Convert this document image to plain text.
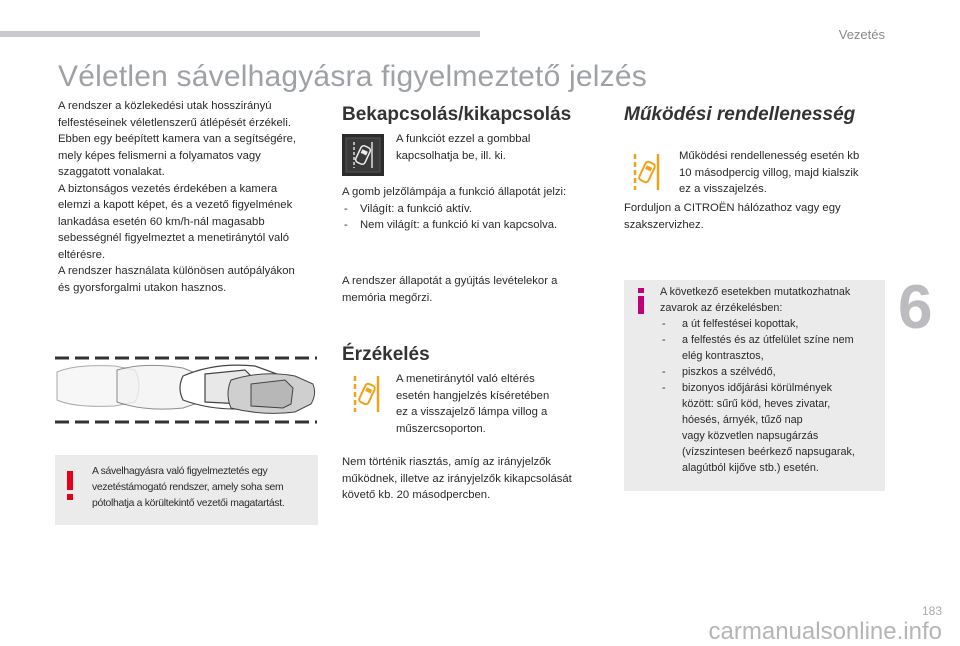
Vezetés
6
Véletlen sávelhagyásra figyelmeztető jelzés
A rendszer a közlekedési utak hosszirányú
felfestéseinek véletlenszerű átlépését érzékeli.
Ebben egy beépített kamera van a segítségére,
mely képes felismerni a folyamatos vagy
szaggatott vonalakat.
A biztonságos vezetés érdekében a kamera
elemzi a kapott képet, és a vezető figyelmének
lankadása esetén 60 km/h-nál magasabb
sebességnél figyelmeztet a menetiránytól való
eltérésre.
A rendszer használata különösen autópályákon
és gyorsforgalmi utakon hasznos.
A sávelhagyásra való figyelmeztetés egy
vezetéstámogató rendszer, amely soha sem
pótolhatja a körültekintő vezetői magatartást.
Bekapcsolás/kikapcsolás
A funkciót ezzel a gombbal
kapcsolhatja be, ill. ki.
A gomb jelzőlámpája a funkció állapotát jelzi:
- Világít: a funkció aktív.
- Nem világít: a funkció ki van kapcsolva.
A rendszer állapotát a gyújtás levételekor a
memória megőrzi.
Érzékelés
A menetiránytól való eltérés
esetén hangjelzés kíséretében
ez a visszajelző lámpa villog a
műszercsoporton.
Nem történik riasztás, amíg az irányjelzők
működnek, illetve az irányjelzők kikapcsolását
követő kb. 20 másodpercben.
Működési rendellenesség
Működési rendellenesség esetén kb
10 másodpercig villog, majd kialszik
ez a visszajelzés.
Forduljon a CITROËN hálózathoz vagy egy
szakszervizhez.
A következő esetekben mutatkozhatnak
zavarok az érzékelésben:
- a út felfestései kopottak,
- a felfestés és az útfelület színe nem
elég kontrasztos,
- piszkos a szélvédő,
- bizonyos időjárási körülmények
között: sűrű köd, heves zivatar,
hóesés, árnyék, tűző nap
vagy közvetlen napsugárzás
(vízszintesen beérkező napsugarak,
alagútból kijőve stb.) esetén.
carmanualsonline.info
183
